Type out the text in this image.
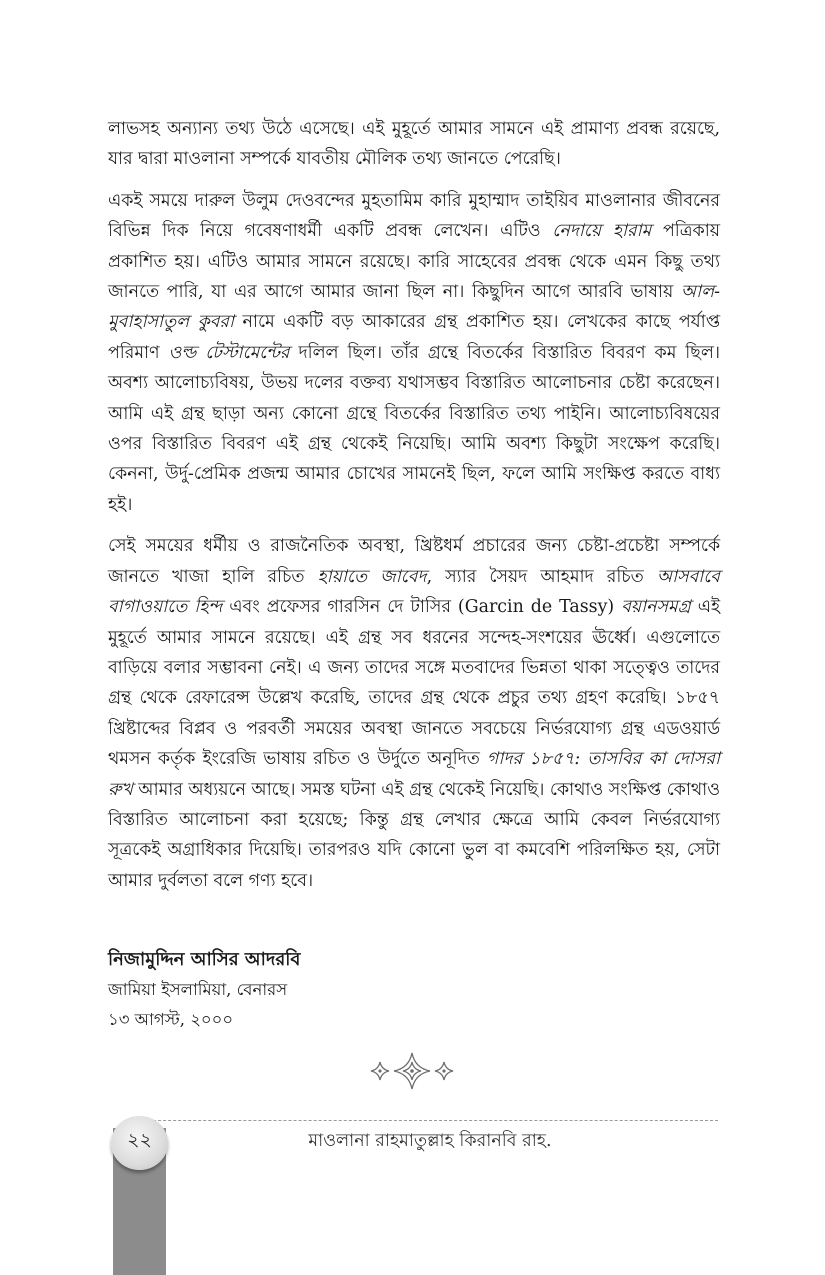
লাভসহ অন্যান্য তথ্য উঠে এসেছে। এই মুহূর্তে আমার সামনে এই প্রামাণ্য প্রবন্ধ রয়েছে, যার দ্বারা মাওলানা সম্পর্কে যাবতীয় মৌলিক তথ্য জানতে পেরেছি।

একই সময়ে দারুল উলুম দেওবন্দের মুহতামিম কারি মুহাম্মাদ তাইয়িব মাওলানার জীবনের বিভিন্ন দিক নিয়ে গবেষণাধর্মী একটি প্রবন্ধ লেখেন। এটিও নেদায়ে হারাম পত্রিকায় প্রকাশিত হয়। এটিও আমার সামনে রয়েছে। কারি সাহেবের প্রবন্ধ থেকে এমন কিছু তথ্য জানতে পারি, যা এর আগে আমার জানা ছিল না। কিছুদিন আগে আরবি ভাষায় আল-মুবাহাসাতুল কুবরা নামে একটি বড় আকারের গ্রন্থ প্রকাশিত হয়। লেখকের কাছে পর্যাপ্ত পরিমাণ ওল্ড টেস্টামেন্টের দলিল ছিল। তাঁর গ্রন্থে বিতর্কের বিস্তারিত বিবরণ কম ছিল। অবশ্য আলোচ্যবিষয়, উভয় দলের বক্তব্য যথাসম্ভব বিস্তারিত আলোচনার চেষ্টা করেছেন। আমি এই গ্রন্থ ছাড়া অন্য কোনো গ্রন্থে বিতর্কের বিস্তারিত তথ্য পাইনি। আলোচ্যবিষয়ের ওপর বিস্তারিত বিবরণ এই গ্রন্থ থেকেই নিয়েছি। আমি অবশ্য কিছুটা সংক্ষেপ করেছি। কেননা, উর্দু-প্রেমিক প্রজন্ম আমার চোখের সামনেই ছিল, ফলে আমি সংক্ষিপ্ত করতে বাধ্য হই।

সেই সময়ের ধর্মীয় ও রাজনৈতিক অবস্থা, খ্রিষ্টধর্ম প্রচারের জন্য চেষ্টা-প্রচেষ্টা সম্পর্কে জানতে খাজা হালি রচিত হায়াতে জাবেদ, স্যার সৈয়দ আহমাদ রচিত আসবাবে বাগাওয়াতে হিন্দ এবং প্রফেসর গারসিন দে টাসির (Garcin de Tassy) বয়ানসমগ্র এই মুহূর্তে আমার সামনে রয়েছে। এই গ্রন্থ সব ধরনের সন্দেহ-সংশয়ের ঊর্ধ্বে। এগুলোতে বাড়িয়ে বলার সম্ভাবনা নেই। এ জন্য তাদের সঙ্গে মতবাদের ভিন্নতা থাকা সত্ত্বেও তাদের গ্রন্থ থেকে রেফারেন্স উল্লেখ করেছি, তাদের গ্রন্থ থেকে প্রচুর তথ্য গ্রহণ করেছি। ১৮৫৭ খ্রিষ্টাব্দের বিপ্লব ও পরবর্তী সময়ের অবস্থা জানতে সবচেয়ে নির্ভরযোগ্য গ্রন্থ এডওয়ার্ড থমসন কর্তৃক ইংরেজি ভাষায় রচিত ও উর্দুতে অনূদিত গাদর ১৮৫৭: তাসবির কা দোসরা রুখ আমার অধ্যয়নে আছে। সমস্ত ঘটনা এই গ্রন্থ থেকেই নিয়েছি। কোথাও সংক্ষিপ্ত কোথাও বিস্তারিত আলোচনা করা হয়েছে; কিন্তু গ্রন্থ লেখার ক্ষেত্রে আমি কেবল নির্ভরযোগ্য সূত্রকেই অগ্রাধিকার দিয়েছি। তারপরও যদি কোনো ভুল বা কমবেশি পরিলক্ষিত হয়, সেটা আমার দুর্বলতা বলে গণ্য হবে।

নিজামুদ্দিন আসির আদরবি

জামিয়া ইসলামিয়া, বেনারস

১৩ আগস্ট, ২০০০

২২	মাওলানা রাহমাতুল্লাহ কিরানবি রাহ.
